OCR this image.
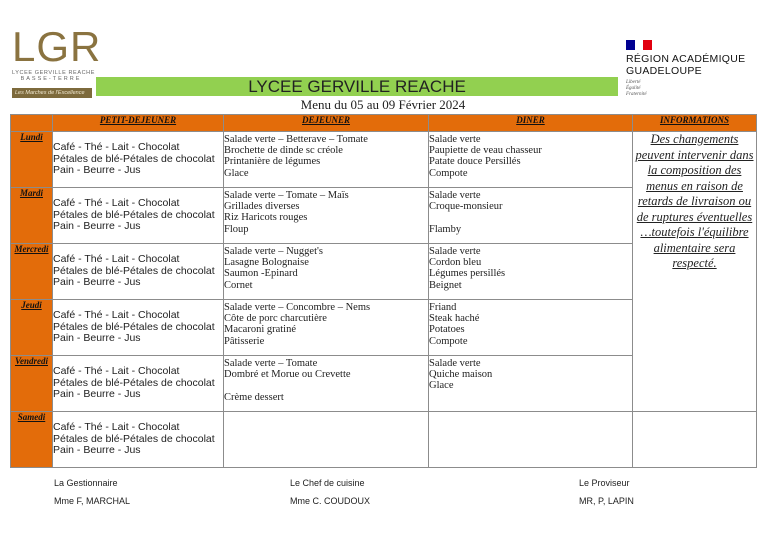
LGR
LYCEE GERVILLE REACHE
BASSE-TERRE
Les Marches de l'Excellence	LYCEE GERVILLE REACHE
Menu du 05 au 09 Février 2024
RÉGION ACADÉMIQUE
GUADELOUPE
Liberté
Égalité
Fraternité
	PETIT-DEJEUNER	DEJEUNER	DINER	INFORMATIONS
Lundi	Café - Thé - Lait - Chocolat
Pétales de blé-Pétales de chocolat
Pain - Beurre - Jus	Salade verte – Betterave – Tomate
Brochette de dinde sc créole
Printanière de légumes
Glace	Salade verte
Paupiette de veau chasseur
Patate douce Persillés
Compote	Des changements peuvent intervenir dans la composition des menus en raison de retards de livraison ou de ruptures éventuelles …toutefois l'équilibre alimentaire sera respecté.
Mardi	Café - Thé - Lait - Chocolat
Pétales de blé-Pétales de chocolat
Pain - Beurre - Jus	Salade verte – Tomate – Maïs
Grillades diverses
Riz Haricots rouges
Floup	Salade verte
Croque-monsieur

Flamby	

Mercredi	Café - Thé - Lait - Chocolat
Pétales de blé-Pétales de chocolat
Pain - Beurre - Jus	Salade verte – Nugget's
Lasagne Bolognaise
Saumon -Epinard
Cornet	Salade verte
Cordon bleu
Légumes persillés
Beignet	

Jeudi	Café - Thé - Lait - Chocolat
Pétales de blé-Pétales de chocolat
Pain - Beurre - Jus	Salade verte – Concombre – Nems
Côte de porc charcutière
Macaroni gratiné
Pâtisserie	Friand
Steak haché
Potatoes
Compote	

Vendredi	Café - Thé - Lait - Chocolat
Pétales de blé-Pétales de chocolat
Pain - Beurre - Jus	Salade verte – Tomate
Dombré et Morue ou Crevette

Crème dessert	Salade verte
Quiche maison
Glace	

Samedi	Café - Thé - Lait - Chocolat
Pétales de blé-Pétales de chocolat
Pain - Beurre - Jus			

La Gestionnaire
Mme F, MARCHAL
Le Chef de cuisine
Mme C. COUDOUX
Le Proviseur
MR, P, LAPIN
